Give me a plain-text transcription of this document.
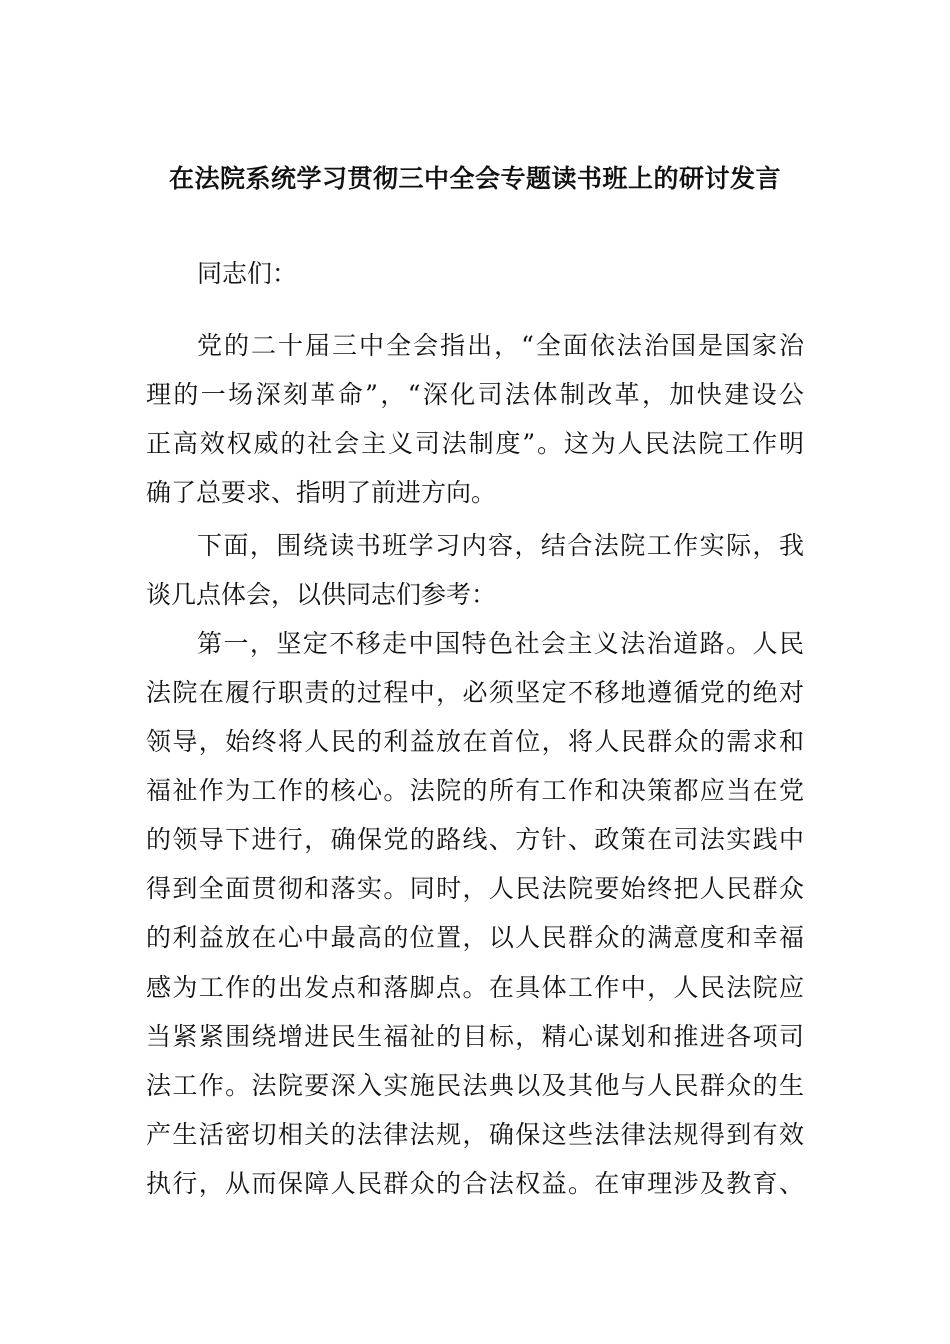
在法院系统学习贯彻三中全会专题读书班上的研讨发言
同志们：
党的二十届三中全会指出，“全面依法治国是国家治
理的一场深刻革命”，“深化司法体制改革，加快建设公
正高效权威的社会主义司法制度”。这为人民法院工作明
确了总要求、指明了前进方向。
下面，围绕读书班学习内容，结合法院工作实际，我
谈几点体会，以供同志们参考：
第一，坚定不移走中国特色社会主义法治道路。人民
法院在履行职责的过程中，必须坚定不移地遵循党的绝对
领导，始终将人民的利益放在首位，将人民群众的需求和
福祉作为工作的核心。法院的所有工作和决策都应当在党
的领导下进行，确保党的路线、方针、政策在司法实践中
得到全面贯彻和落实。同时，人民法院要始终把人民群众
的利益放在心中最高的位置，以人民群众的满意度和幸福
感为工作的出发点和落脚点。在具体工作中，人民法院应
当紧紧围绕增进民生福祉的目标，精心谋划和推进各项司
法工作。法院要深入实施民法典以及其他与人民群众的生
产生活密切相关的法律法规，确保这些法律法规得到有效
执行，从而保障人民群众的合法权益。在审理涉及教育、
